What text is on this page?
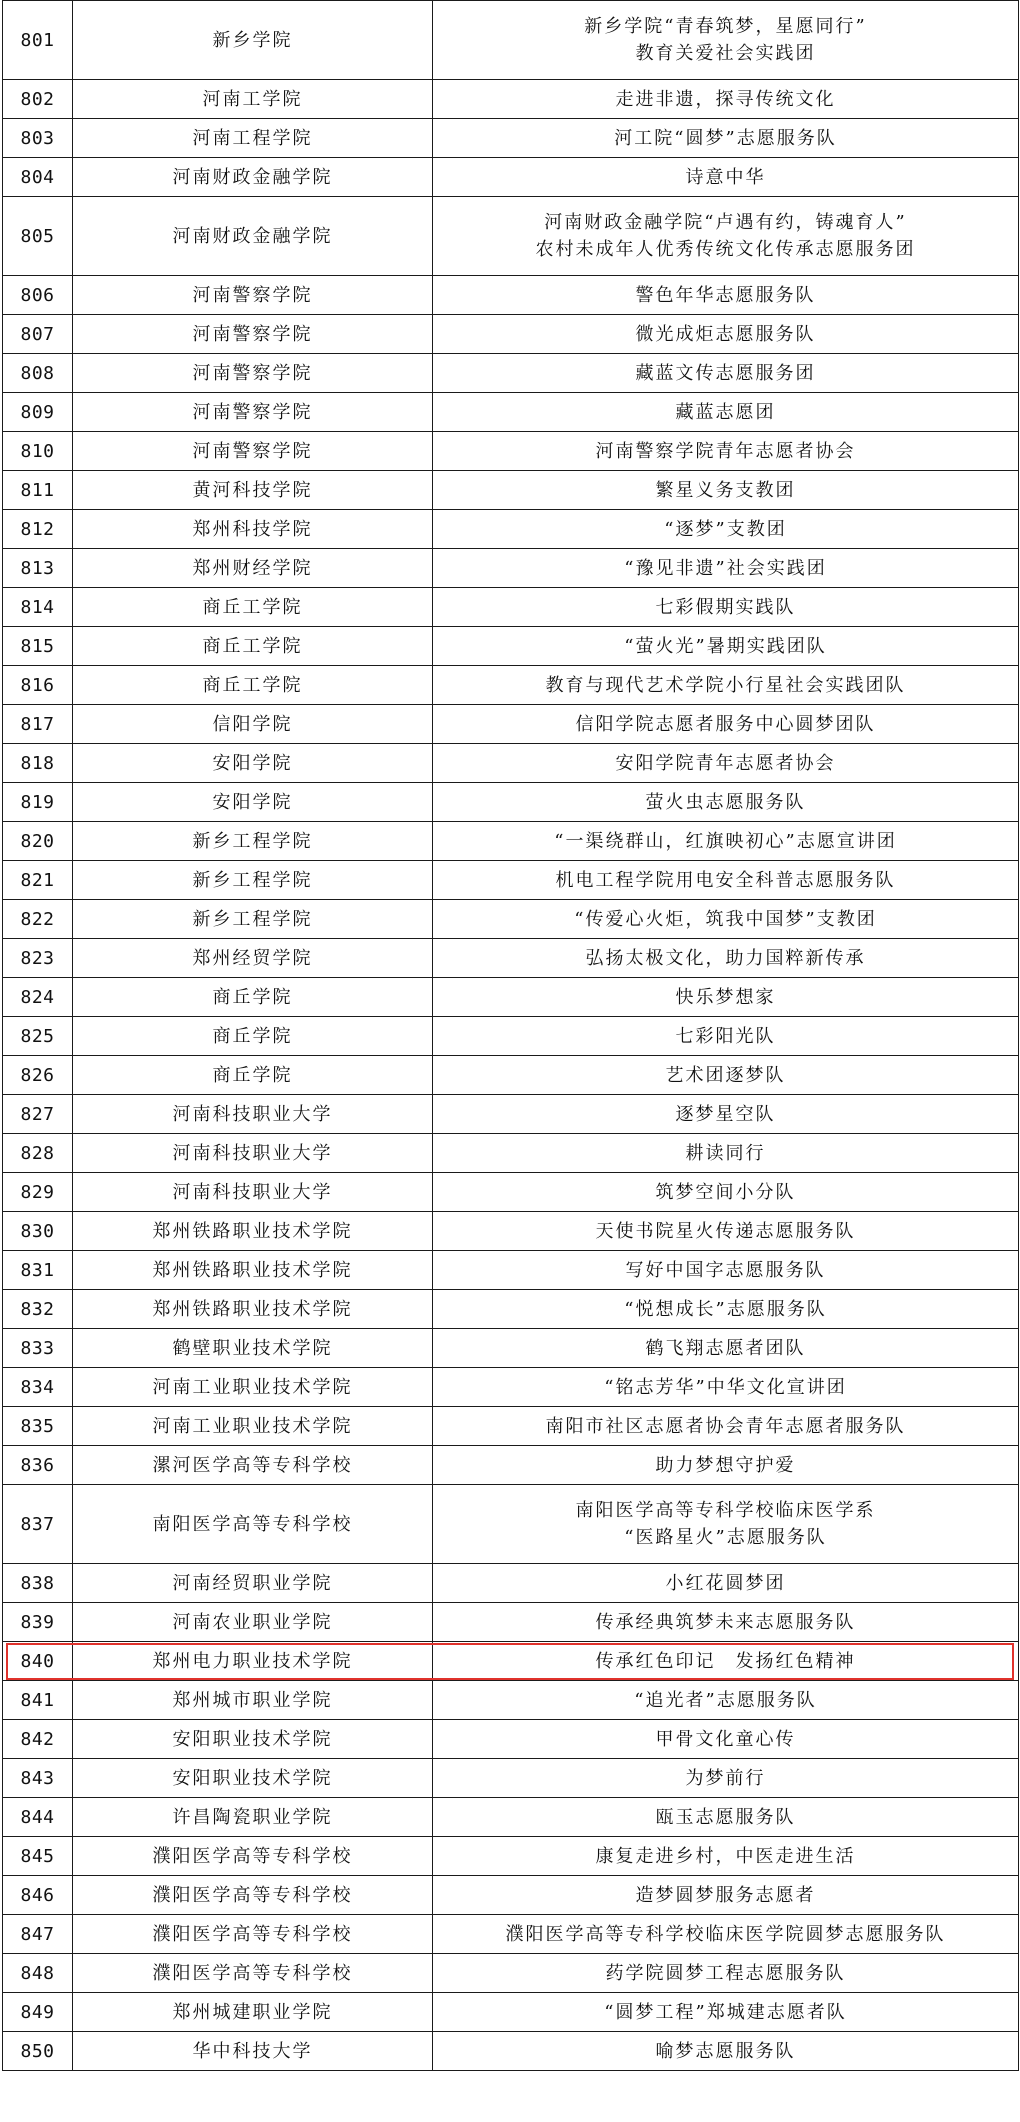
801	新乡学院	新乡学院“青春筑梦，星愿同行”
教育关爱社会实践团

802	河南工学院	走进非遗，探寻传统文化

803	河南工程学院	河工院“圆梦”志愿服务队

804	河南财政金融学院	诗意中华

805	河南财政金融学院	河南财政金融学院“卢遇有约，铸魂育人”
农村未成年人优秀传统文化传承志愿服务团

806	河南警察学院	警色年华志愿服务队

807	河南警察学院	微光成炬志愿服务队

808	河南警察学院	藏蓝文传志愿服务团

809	河南警察学院	藏蓝志愿团

810	河南警察学院	河南警察学院青年志愿者协会

811	黄河科技学院	繁星义务支教团

812	郑州科技学院	“逐梦”支教团

813	郑州财经学院	“豫见非遗”社会实践团

814	商丘工学院	七彩假期实践队

815	商丘工学院	“萤火光”暑期实践团队

816	商丘工学院	教育与现代艺术学院小行星社会实践团队

817	信阳学院	信阳学院志愿者服务中心圆梦团队

818	安阳学院	安阳学院青年志愿者协会

819	安阳学院	萤火虫志愿服务队

820	新乡工程学院	“一渠绕群山，红旗映初心”志愿宣讲团

821	新乡工程学院	机电工程学院用电安全科普志愿服务队

822	新乡工程学院	“传爱心火炬，筑我中国梦”支教团

823	郑州经贸学院	弘扬太极文化，助力国粹新传承

824	商丘学院	快乐梦想家

825	商丘学院	七彩阳光队

826	商丘学院	艺术团逐梦队

827	河南科技职业大学	逐梦星空队

828	河南科技职业大学	耕读同行

829	河南科技职业大学	筑梦空间小分队

830	郑州铁路职业技术学院	天使书院星火传递志愿服务队

831	郑州铁路职业技术学院	写好中国字志愿服务队

832	郑州铁路职业技术学院	“悦想成长”志愿服务队

833	鹤壁职业技术学院	鹤飞翔志愿者团队

834	河南工业职业技术学院	“铭志芳华”中华文化宣讲团

835	河南工业职业技术学院	南阳市社区志愿者协会青年志愿者服务队

836	漯河医学高等专科学校	助力梦想守护爱

837	南阳医学高等专科学校	南阳医学高等专科学校临床医学系
“医路星火”志愿服务队

838	河南经贸职业学院	小红花圆梦团

839	河南农业职业学院	传承经典筑梦未来志愿服务队

840	郑州电力职业技术学院	传承红色印记　发扬红色精神

841	郑州城市职业学院	“追光者”志愿服务队

842	安阳职业技术学院	甲骨文化童心传

843	安阳职业技术学院	为梦前行

844	许昌陶瓷职业学院	瓯玉志愿服务队

845	濮阳医学高等专科学校	康复走进乡村，中医走进生活

846	濮阳医学高等专科学校	造梦圆梦服务志愿者

847	濮阳医学高等专科学校	濮阳医学高等专科学校临床医学院圆梦志愿服务队

848	濮阳医学高等专科学校	药学院圆梦工程志愿服务队

849	郑州城建职业学院	“圆梦工程”郑城建志愿者队

850	华中科技大学	喻梦志愿服务队
